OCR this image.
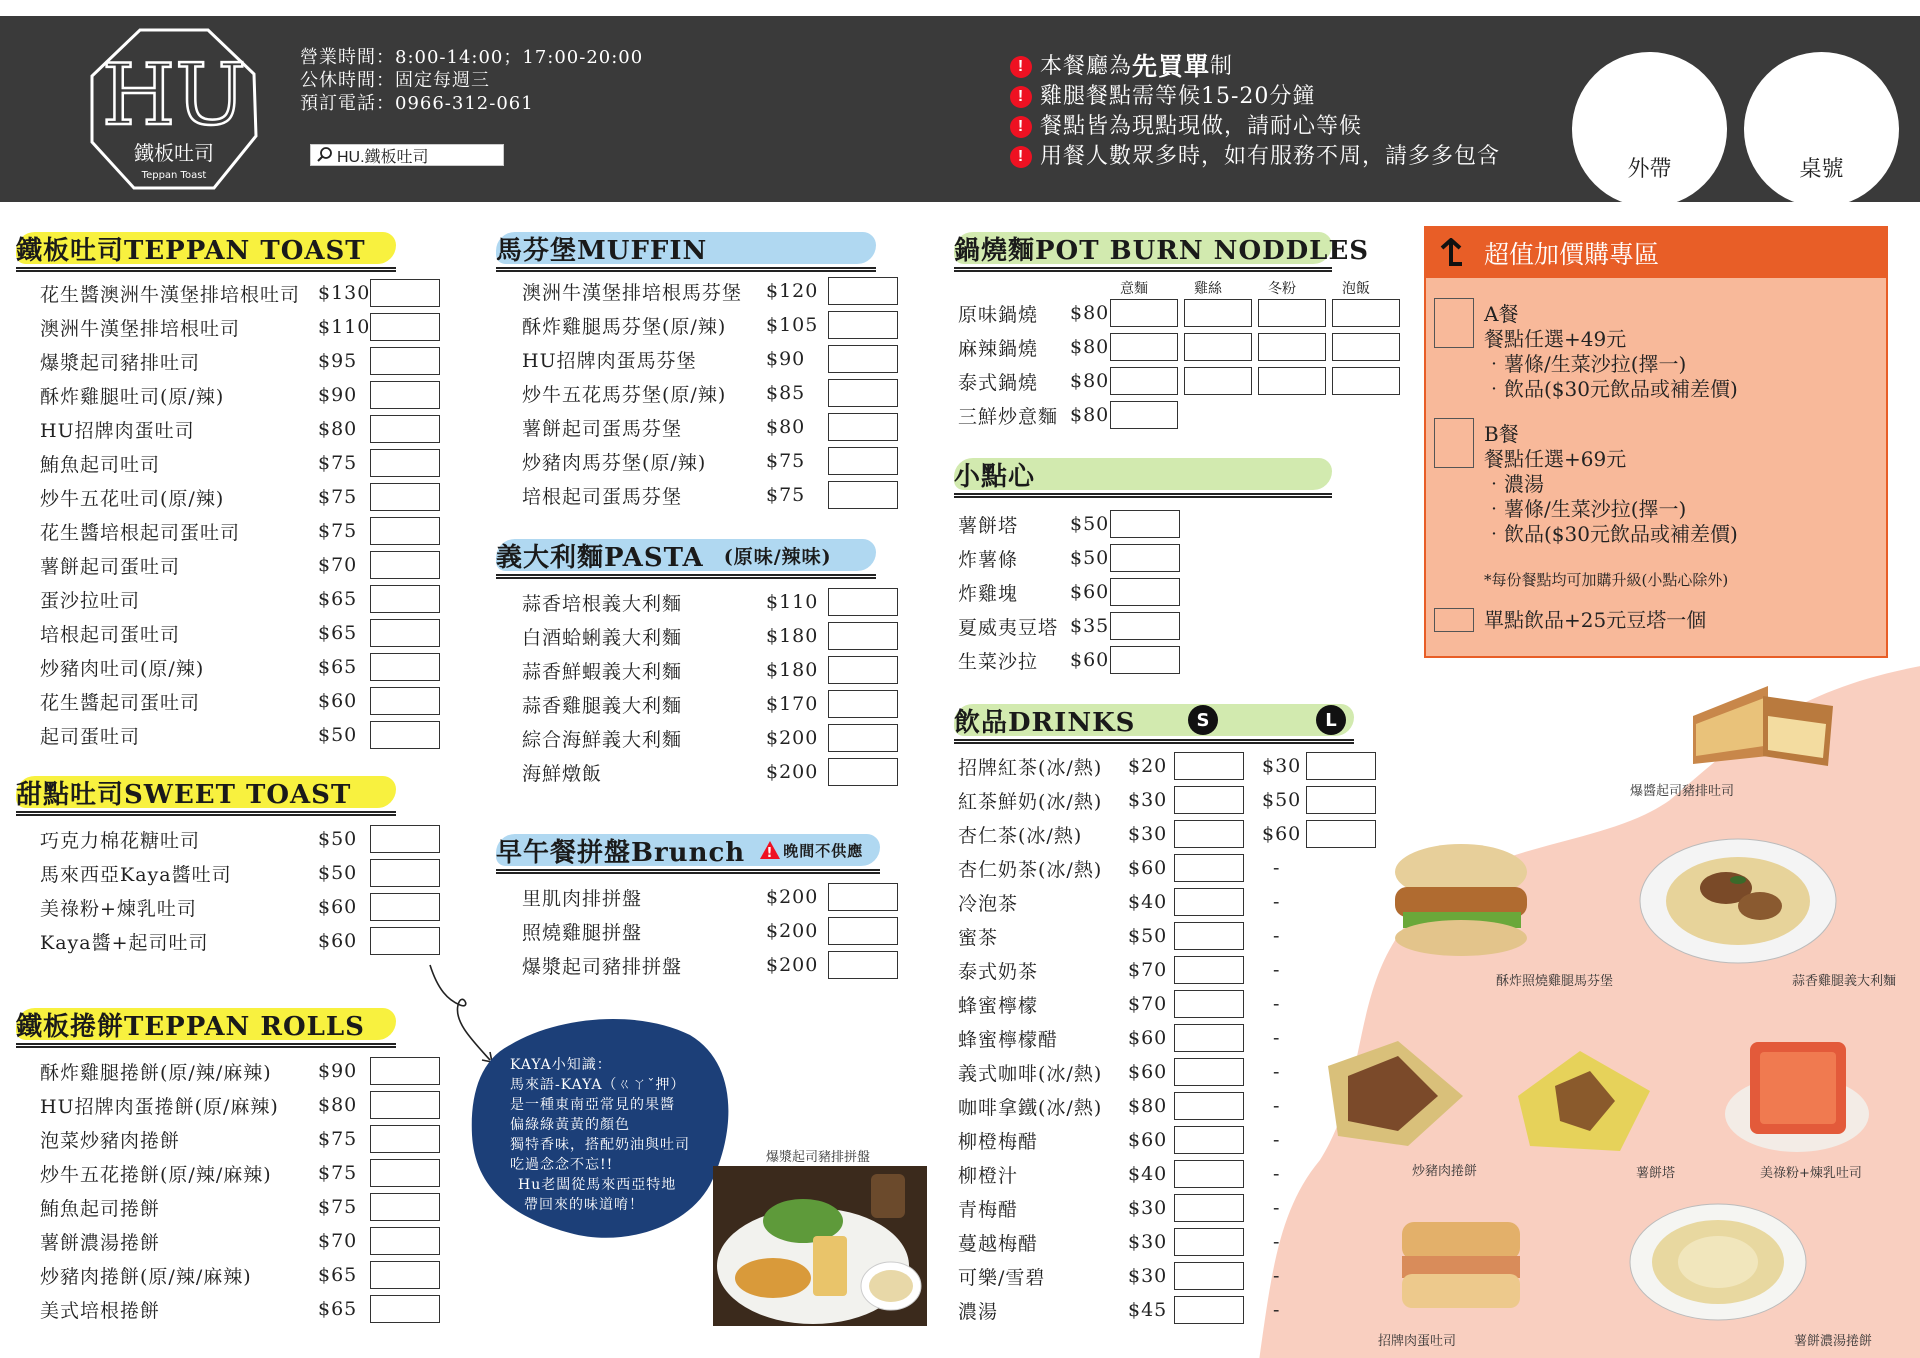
HU
鐵板吐司
Teppan Toast
營業時間：8:00-14:00；17:00-20:00
公休時間：固定每週三
預訂電話：0966-312-061
HU.鐵板吐司
! 本餐廳為 先買單 制
! 雞腿餐點需等候15-20分鐘
! 餐點皆為現點現做，請耐心等候
! 用餐人數眾多時，如有服務不周，請多多包含
外帶	桌號
鐵板吐司TEPPAN TOAST
花生醬澳洲牛漢堡排培根吐司 $130
澳洲牛漢堡排培根吐司	$110
爆漿起司豬排吐司	$95
酥炸雞腿吐司(原/辣)	$90
HU招牌肉蛋吐司	$80
鮪魚起司吐司	$75
炒牛五花吐司(原/辣)	$75
花生醬培根起司蛋吐司	$75
薯餅起司蛋吐司	$70
蛋沙拉吐司	$65
培根起司蛋吐司	$65
炒豬肉吐司(原/辣)	$65
花生醬起司蛋吐司	$60
起司蛋吐司	$50
甜點吐司SWEET TOAST
巧克力棉花糖吐司	$50
馬來西亞Kaya醬吐司	$50
美祿粉+煉乳吐司	$60
Kaya醬+起司吐司	$60
鐵板捲餅TEPPAN ROLLS
酥炸雞腿捲餅(原/辣/麻辣) $90
HU招牌肉蛋捲餅(原/麻辣) $80
泡菜炒豬肉捲餅	$75
炒牛五花捲餅(原/辣/麻辣) $75
鮪魚起司捲餅	$75
薯餅濃湯捲餅	$70
炒豬肉捲餅(原/辣/麻辣)	$65
美式培根捲餅	$65
馬芬堡MUFFIN
澳洲牛漢堡排培根馬芬堡 $120
酥炸雞腿馬芬堡(原/辣) $105
HU招牌肉蛋馬芬堡	$90
炒牛五花馬芬堡(原/辣) $85
薯餅起司蛋馬芬堡	$80
炒豬肉馬芬堡(原/辣)	$75
培根起司蛋馬芬堡	$75
義大利麵PASTA (原味/辣味)
蒜香培根義大利麵	$110
白酒蛤蜊義大利麵	$180
蒜香鮮蝦義大利麵	$180
蒜香雞腿義大利麵	$170
綜合海鮮義大利麵	$200
海鮮燉飯	$200
早午餐拼盤Brunch ! 晚間不供應
里肌肉排拼盤	$200
照燒雞腿拼盤	$200
爆漿起司豬排拼盤	$200
KAYA小知識：
馬來語-KAYA（ㄍㄚˇ押）
是一種東南亞常見的果醬
偏綠綠黃黃的顏色
獨特香味，搭配奶油與吐司
吃過念念不忘!!
Hu老闆從馬來西亞特地
帶回來的味道唷！
爆漿起司豬排拼盤
鍋燒麵POT BURN NODDLES
意麵	雞絲	冬粉	泡飯
原味鍋燒 $80
麻辣鍋燒 $80
泰式鍋燒 $80
三鮮炒意麵 $80
小點心
薯餅塔	$50
炸薯條	$50
炸雞塊	$60
夏威夷豆塔 $35
生菜沙拉 $60
飲品DRINKS	S	L
招牌紅茶(冰/熱) $20	$30
紅茶鮮奶(冰/熱) $30	$50
杏仁茶(冰/熱) $30	$60
杏仁奶茶(冰/熱) $60	-
冷泡茶	$40	-
蜜茶	$50	-
泰式奶茶	$70	-
蜂蜜檸檬	$70	-
蜂蜜檸檬醋	$60	-
義式咖啡(冰/熱) $60	-
咖啡拿鐵(冰/熱) $80	-
柳橙梅醋	$60	-
柳橙汁	$40	-
青梅醋	$30	-
蔓越梅醋	$30	-
可樂/雪碧	$30	-
濃湯	$45	-
超值加價購專區
A餐
餐點任選+49元
‧薯條/生菜沙拉(擇一)
‧飲品($30元飲品或補差價)
B餐
餐點任選+69元
‧濃湯
‧薯條/生菜沙拉(擇一)
‧飲品($30元飲品或補差價)
*每份餐點均可加購升級(小點心除外)
單點飲品+25元豆塔一個
爆醬起司豬排吐司
酥炸照燒雞腿馬芬堡	蒜香雞腿義大利麵
炒豬肉捲餅	薯餅塔	美祿粉+煉乳吐司
招牌肉蛋吐司	薯餅濃湯捲餅
